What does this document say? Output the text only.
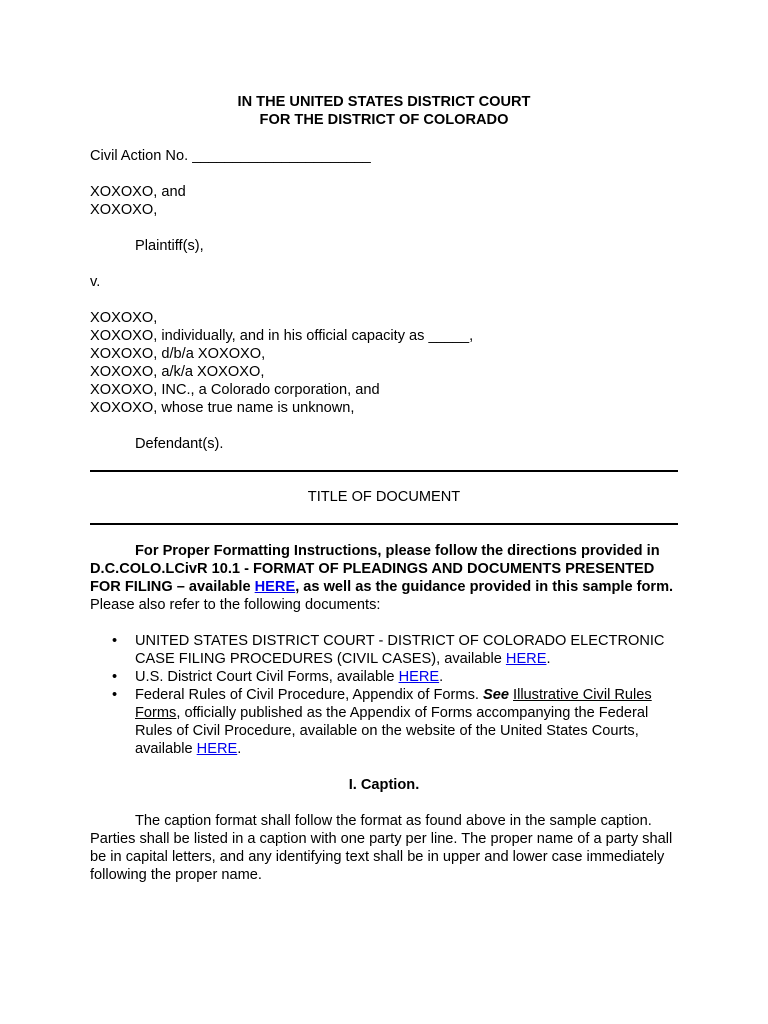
IN THE UNITED STATES DISTRICT COURT
FOR THE DISTRICT OF COLORADO
Civil Action No. ______________________
XOXOXO, and
XOXOXO,
Plaintiff(s),
v.
XOXOXO,
XOXOXO, individually, and in his official capacity as _____,
XOXOXO, d/b/a XOXOXO,
XOXOXO, a/k/a XOXOXO,
XOXOXO, INC., a Colorado corporation, and
XOXOXO, whose true name is unknown,
Defendant(s).
TITLE OF DOCUMENT

For Proper Formatting Instructions, please follow the directions provided in D.C.COLO.LCivR 10.1 - FORMAT OF PLEADINGS AND DOCUMENTS PRESENTED FOR FILING – available HERE, as well as the guidance provided in this sample form. Please also refer to the following documents:

• UNITED STATES DISTRICT COURT - DISTRICT OF COLORADO ELECTRONIC CASE FILING PROCEDURES (CIVIL CASES), available HERE.
• U.S. District Court Civil Forms, available HERE.
• Federal Rules of Civil Procedure, Appendix of Forms. See Illustrative Civil Rules Forms, officially published as the Appendix of Forms accompanying the Federal Rules of Civil Procedure, available on the website of the United States Courts, available HERE.
I. Caption.

The caption format shall follow the format as found above in the sample caption. Parties shall be listed in a caption with one party per line. The proper name of a party shall be in capital letters, and any identifying text shall be in upper and lower case immediately following the proper name.
